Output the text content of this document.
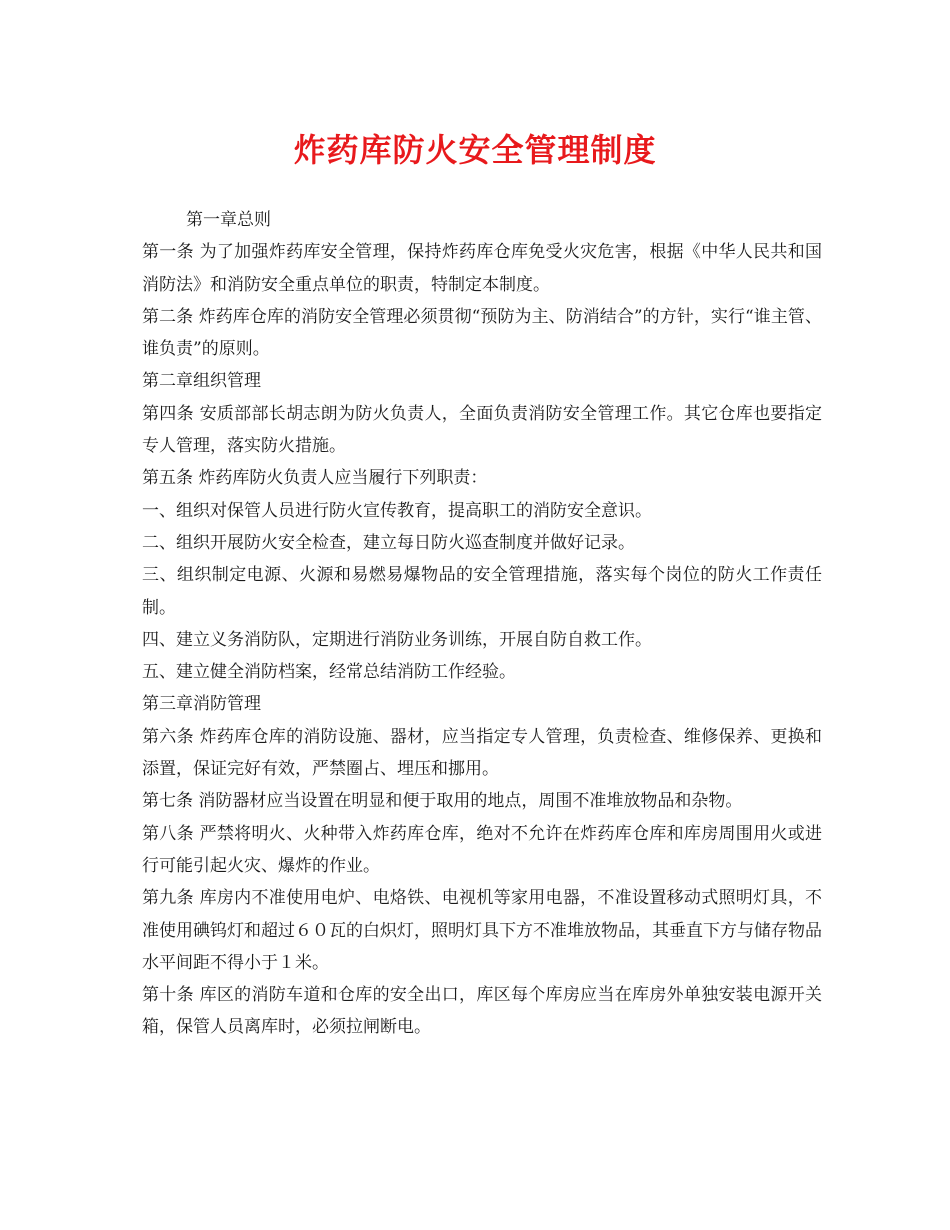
炸药库防火安全管理制度

第一章总则

第一条 为了加强炸药库安全管理，保持炸药库仓库免受火灾危害，根据《中华人民共和国消防法》和消防安全重点单位的职责，特制定本制度。

第二条 炸药库仓库的消防安全管理必须贯彻“预防为主、防消结合”的方针，实行“谁主管、谁负责”的原则。

第二章组织管理

第四条 安质部部长胡志朗为防火负责人，全面负责消防安全管理工作。其它仓库也要指定专人管理，落实防火措施。

第五条 炸药库防火负责人应当履行下列职责：

一、组织对保管人员进行防火宣传教育，提高职工的消防安全意识。

二、组织开展防火安全检查，建立每日防火巡查制度并做好记录。

三、组织制定电源、火源和易燃易爆物品的安全管理措施，落实每个岗位的防火工作责任制。

四、建立义务消防队，定期进行消防业务训练，开展自防自救工作。

五、建立健全消防档案，经常总结消防工作经验。

第三章消防管理

第六条 炸药库仓库的消防设施、器材，应当指定专人管理，负责检查、维修保养、更换和添置，保证完好有效，严禁圈占、埋压和挪用。

第七条 消防器材应当设置在明显和便于取用的地点，周围不准堆放物品和杂物。

第八条 严禁将明火、火种带入炸药库仓库，绝对不允许在炸药库仓库和库房周围用火或进行可能引起火灾、爆炸的作业。

第九条 库房内不准使用电炉、电烙铁、电视机等家用电器，不准设置移动式照明灯具，不准使用碘钨灯和超过６０瓦的白炽灯，照明灯具下方不准堆放物品，其垂直下方与储存物品水平间距不得小于１米。

第十条 库区的消防车道和仓库的安全出口，库区每个库房应当在库房外单独安装电源开关箱，保管人员离库时，必须拉闸断电。
